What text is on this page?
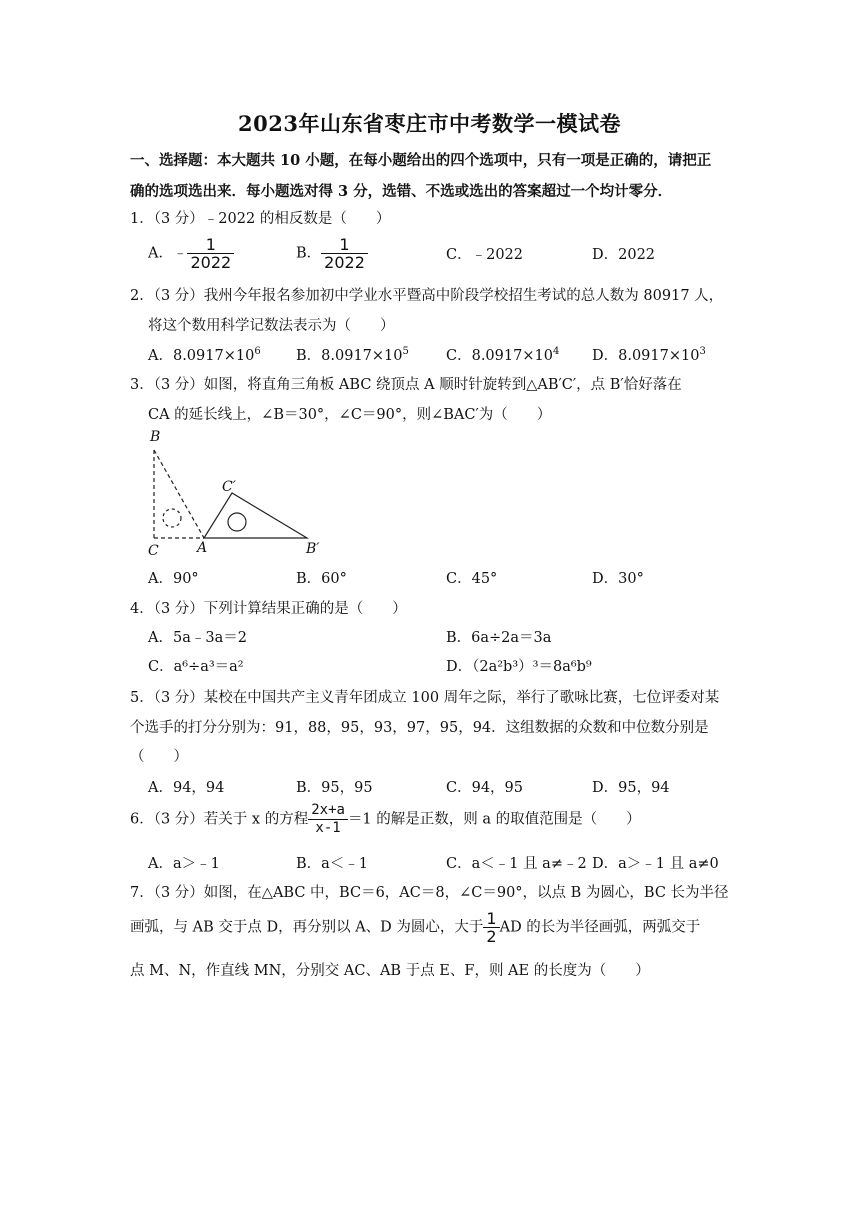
2023年山东省枣庄市中考数学一模试卷
一、选择题：本大题共 10 小题，在每小题给出的四个选项中，只有一项是正确的，请把正
确的选项选出来．每小题选对得 3 分，选错、不选或选出的答案超过一个均计零分．
1．（3 分）﹣2022 的相反数是（　　）
A．﹣ $\frac{1}{2022}$	B． $\frac{1}{2022}$	C．﹣2022	D．2022
2．（3 分）我州今年报名参加初中学业水平暨高中阶段学校招生考试的总人数为 80917 人，
将这个数用科学记数法表示为（　　）
A．$8.0917\times 10^6$ B．$8.0917\times 10^5$	C．$8.0917\times 10^4$ D．$8.0917\times 10^3$
3．（3 分）如图，将直角三角板 ABC 绕顶点 A 顺时针旋转到△AB′C′，点 B′恰好落在
CA 的延长线上，∠B＝30°，∠C＝90°，则∠BAC′为（　　）
B
C	A
C′
B′
A．90°	B．60°	C．45°	D．30°
4．（3 分）下列计算结果正确的是（　　）
A．5a﹣3a＝2	B．6a÷2a＝3a
C．a⁶÷a³＝a²	D．（2a²b³）³＝8a⁶b⁹
5．（3 分）某校在中国共产主义青年团成立 100 周年之际，举行了歌咏比赛，七位评委对某
个选手的打分分别为：91，88，95，93，97，95，94．这组数据的众数和中位数分别是
（　　）
A．94，94	B．95，95	C．94，95	D．95，94
6．（3 分）若关于 x 的方程 $\frac{2x+a}{x-1} =1$ 的解是正数，则 a 的取值范围是（　　）
A．a＞﹣1	B．a＜﹣1	C．a＜﹣1 且 a≠﹣2 D．a＞﹣1 且 a≠0
7．（3 分）如图，在△ABC 中，BC＝6，AC＝8，∠C＝90°，以点 B 为圆心，BC 长为半径
画弧，与 AB 交于点 D，再分别以 A、D 为圆心，大于 $\frac{1}{2}$ AD 的长为半径画弧，两弧交于
点 M、N，作直线 MN，分别交 AC、AB 于点 E、F，则 AE 的长度为（　　）
